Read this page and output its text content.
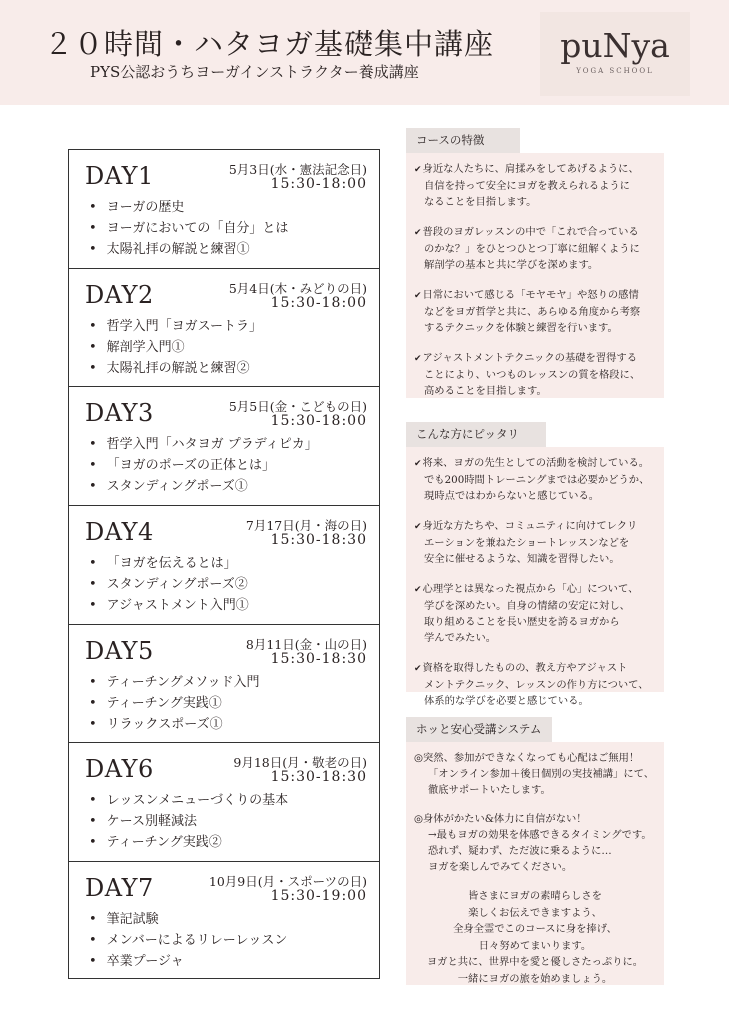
２０時間・ハタヨガ基礎集中講座
PYS公認おうちヨーガインストラクター養成講座
puNya
YOGA SCHOOL
DAY1	5月3日(水・憲法記念日)
15:30-18:00
• ヨーガの歴史
• ヨーガにおいての「自分」とは
• 太陽礼拝の解説と練習①
DAY2	5月4日(木・みどりの日)
15:30-18:00
• 哲学入門「ヨガスートラ」
• 解剖学入門①
• 太陽礼拝の解説と練習②
DAY3	5月5日(金・こどもの日)
15:30-18:00
• 哲学入門「ハタヨガ プラディピカ」
• 「ヨガのポーズの正体とは」
• スタンディングポーズ①
DAY4	7月17日(月・海の日)
15:30-18:30
• 「ヨガを伝えるとは」
• スタンディングポーズ②
• アジャストメント入門①
DAY5	8月11日(金・山の日)
15:30-18:30
• ティーチングメソッド入門
• ティーチング実践①
• リラックスポーズ①
DAY6	9月18日(月・敬老の日)
15:30-18:30
• レッスンメニューづくりの基本
• ケース別軽減法
• ティーチング実践②
DAY7	10月9日(月・スポーツの日)
15:30-19:00
• 筆記試験
• メンバーによるリレーレッスン
• 卒業プージャ
コースの特徴
✔ 身近な人たちに、肩揉みをしてあげるように、
自信を持って安全にヨガを教えられるように
なることを目指します。
✔ 普段のヨガレッスンの中で「これで合っている
のかな？」をひとつひとつ丁寧に紐解くように
解剖学の基本と共に学びを深めます。
✔ 日常において感じる「モヤモヤ」や怒りの感情
などをヨガ哲学と共に、あらゆる角度から考察
するテクニックを体験と練習を行います。
✔ アジャストメントテクニックの基礎を習得する
ことにより、いつものレッスンの質を格段に、
高めることを目指します。
こんな方にピッタリ
✔ 将来、ヨガの先生としての活動を検討している。
でも200時間トレーニングまでは必要かどうか、
現時点ではわからないと感じている。
✔ 身近な方たちや、コミュニティに向けてレクリ
エーションを兼ねたショートレッスンなどを
安全に催せるような、知識を習得したい。
✔ 心理学とは異なった視点から「心」について、
学びを深めたい。自身の情緒の安定に対し、
取り組めることを長い歴史を誇るヨガから
学んでみたい。
✔ 資格を取得したものの、教え方やアジャスト
メントテクニック、レッスンの作り方について、
体系的な学びを必要と感じている。
ホッと安心受講システム
◎突然、参加ができなくなっても心配はご無用！
「オンライン参加＋後日個別の実技補講」にて、
徹底サポートいたします。
◎身体がかたい&体力に自信がない！
→最もヨガの効果を体感できるタイミングです。
恐れず、疑わず、ただ波に乗るように…
ヨガを楽しんでみてください。
皆さまにヨガの素晴らしさを
楽しくお伝えできますよう、
全身全霊でこのコースに身を捧げ、
日々努めてまいります。
ヨガと共に、世界中を愛と優しさたっぷりに。
一緒にヨガの旅を始めましょう。
